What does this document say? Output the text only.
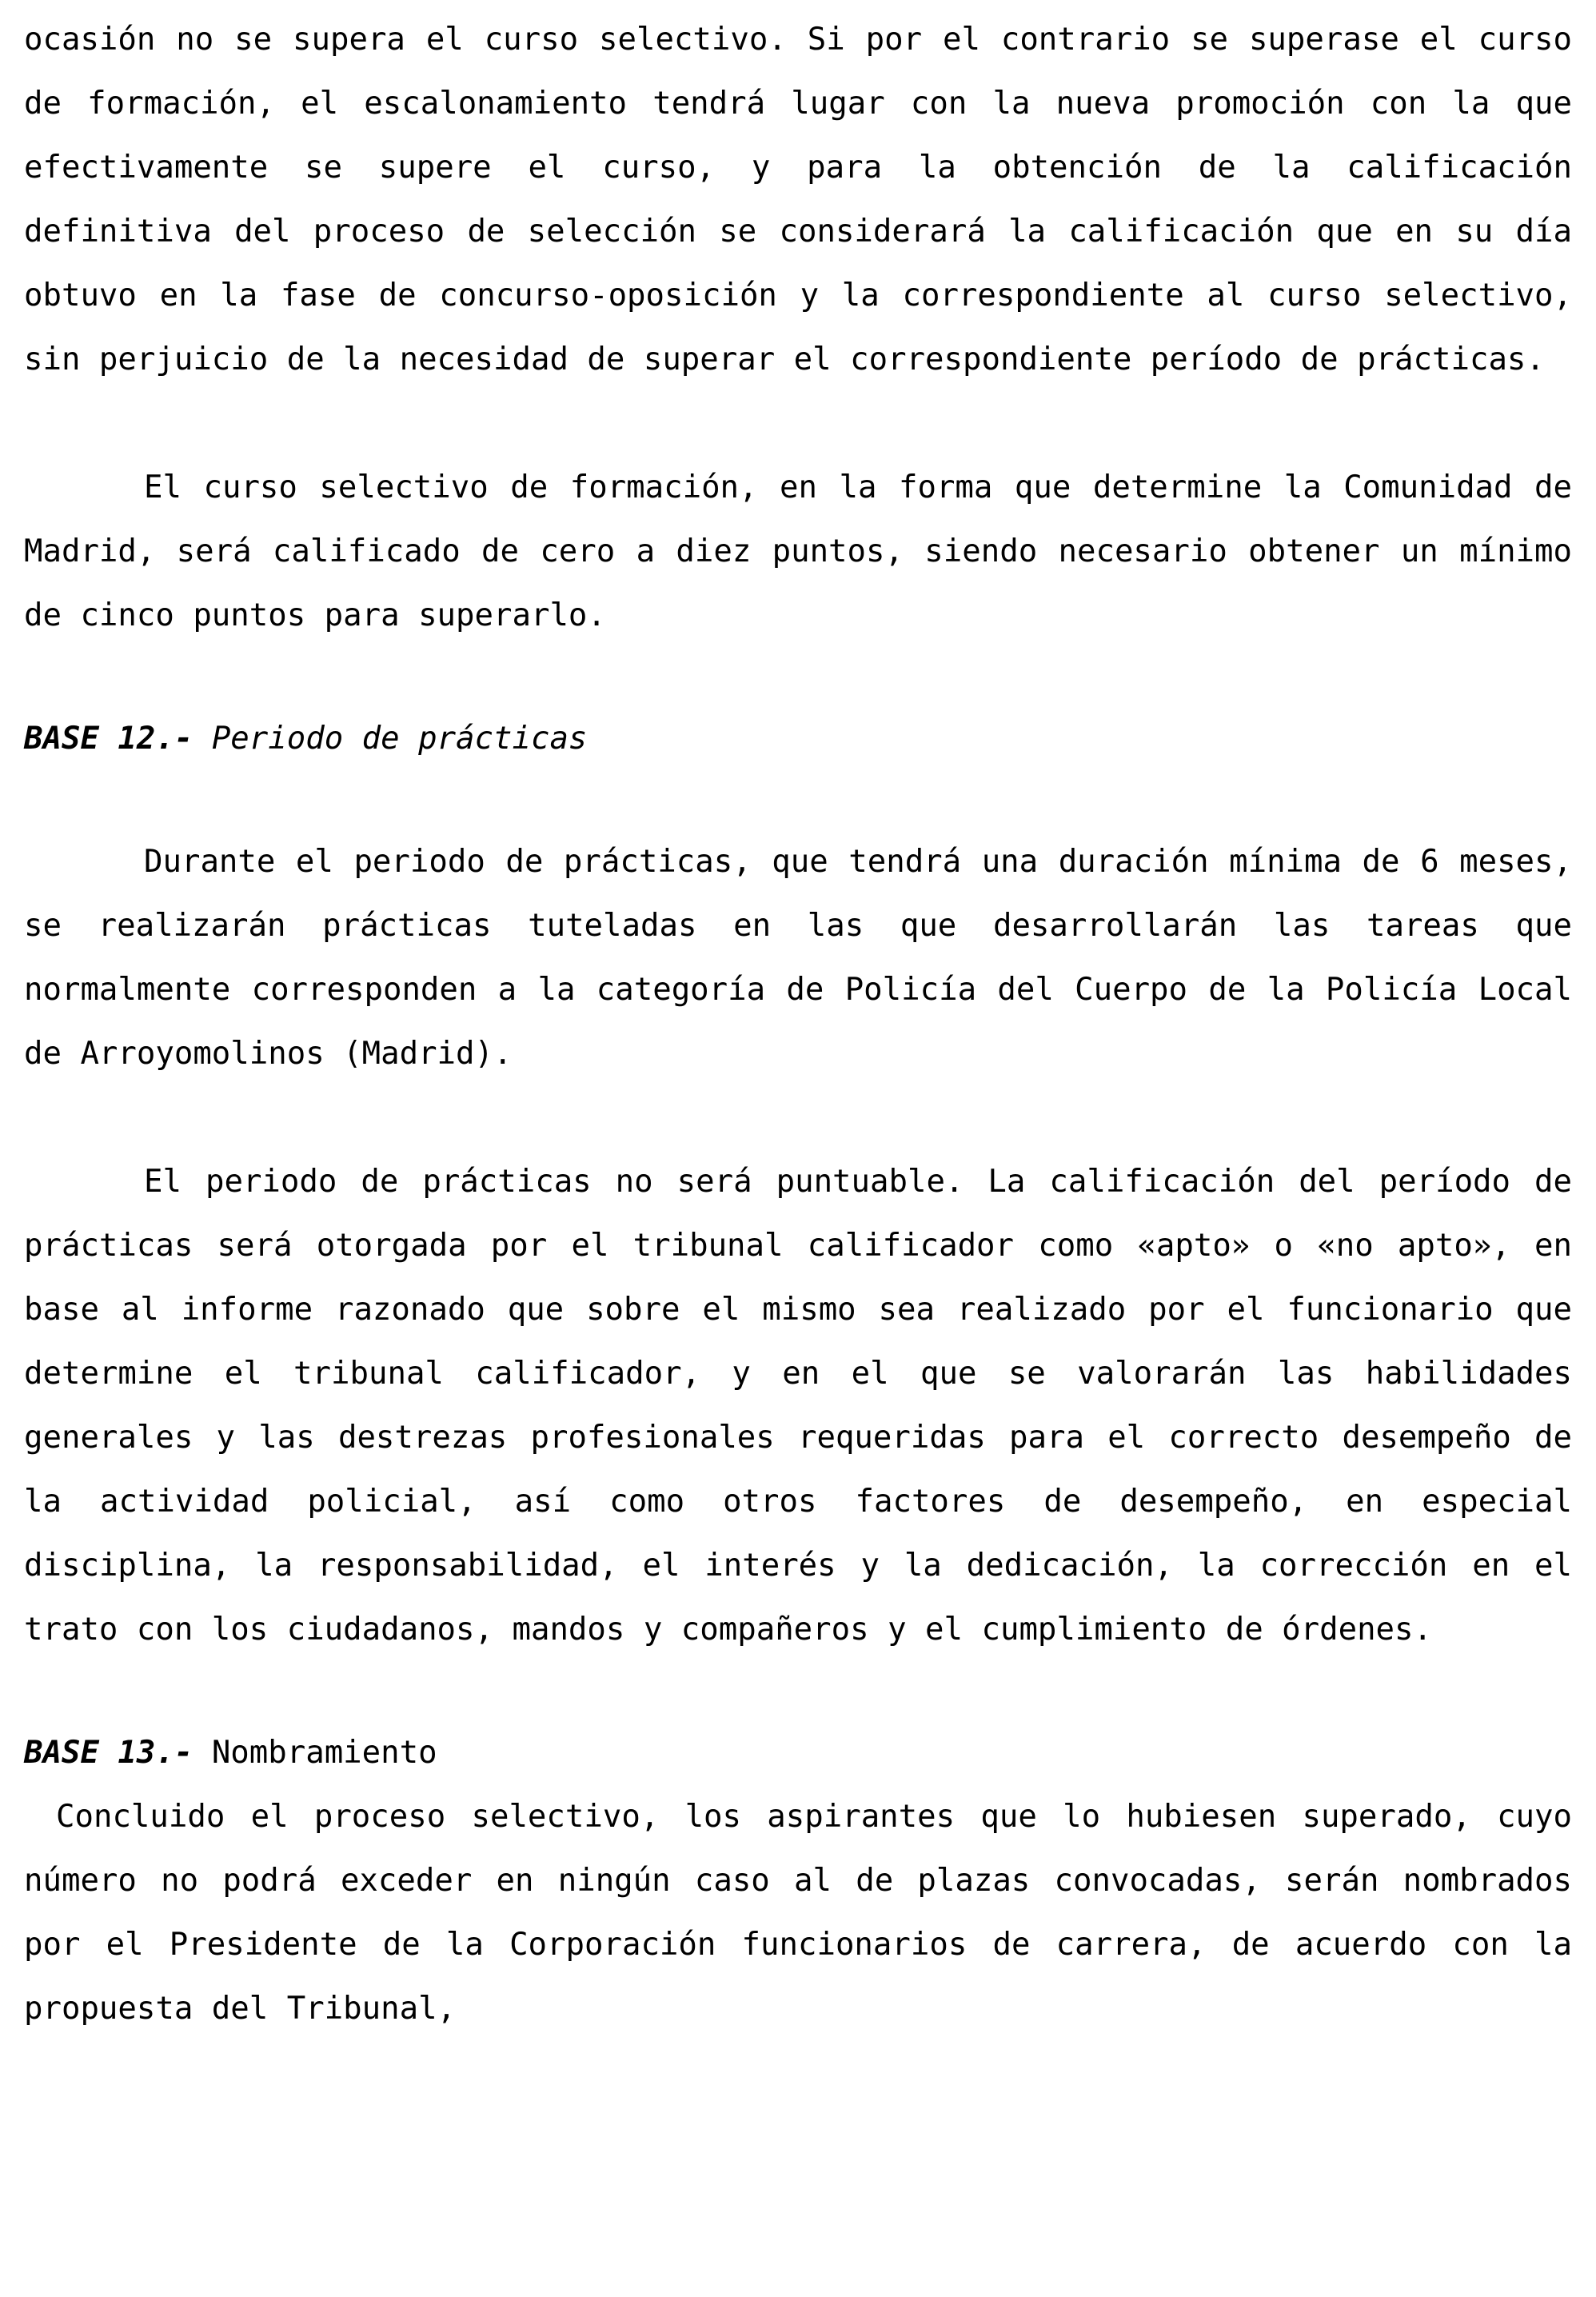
ocasión no se supera el curso selectivo. Si por el contrario se superase el curso de formación, el escalonamiento tendrá lugar con la nueva promoción con la que efectivamente se supere el curso, y para la obtención de la calificación definitiva del proceso de selección se considerará la calificación que en su día obtuvo en la fase de concurso-oposición y la correspondiente al curso selectivo, sin perjuicio de la necesidad de superar el correspondiente período de prácticas.

El curso selectivo de formación, en la forma que determine la Comunidad de Madrid, será calificado de cero a diez puntos, siendo necesario obtener un mínimo de cinco puntos para superarlo.

BASE 12.- Periodo de prácticas

Durante el periodo de prácticas, que tendrá una duración mínima de 6 meses, se realizarán prácticas tuteladas en las que desarrollarán las tareas que normalmente corresponden a la categoría de Policía del Cuerpo de la Policía Local de Arroyomolinos (Madrid).

El periodo de prácticas no será puntuable. La calificación del período de prácticas será otorgada por el tribunal calificador como «apto» o «no apto», en base al informe razonado que sobre el mismo sea realizado por el funcionario que determine el tribunal calificador, y en el que se valorarán las habilidades generales y las destrezas profesionales requeridas para el correcto desempeño de la actividad policial, así como otros factores de desempeño, en especial disciplina, la responsabilidad, el interés y la dedicación, la corrección en el trato con los ciudadanos, mandos y compañeros y el cumplimiento de órdenes.

BASE 13.- Nombramiento

Concluido el proceso selectivo, los aspirantes que lo hubiesen superado, cuyo número no podrá exceder en ningún caso al de plazas convocadas, serán nombrados por el Presidente de la Corporación funcionarios de carrera, de acuerdo con la propuesta del Tribunal,
